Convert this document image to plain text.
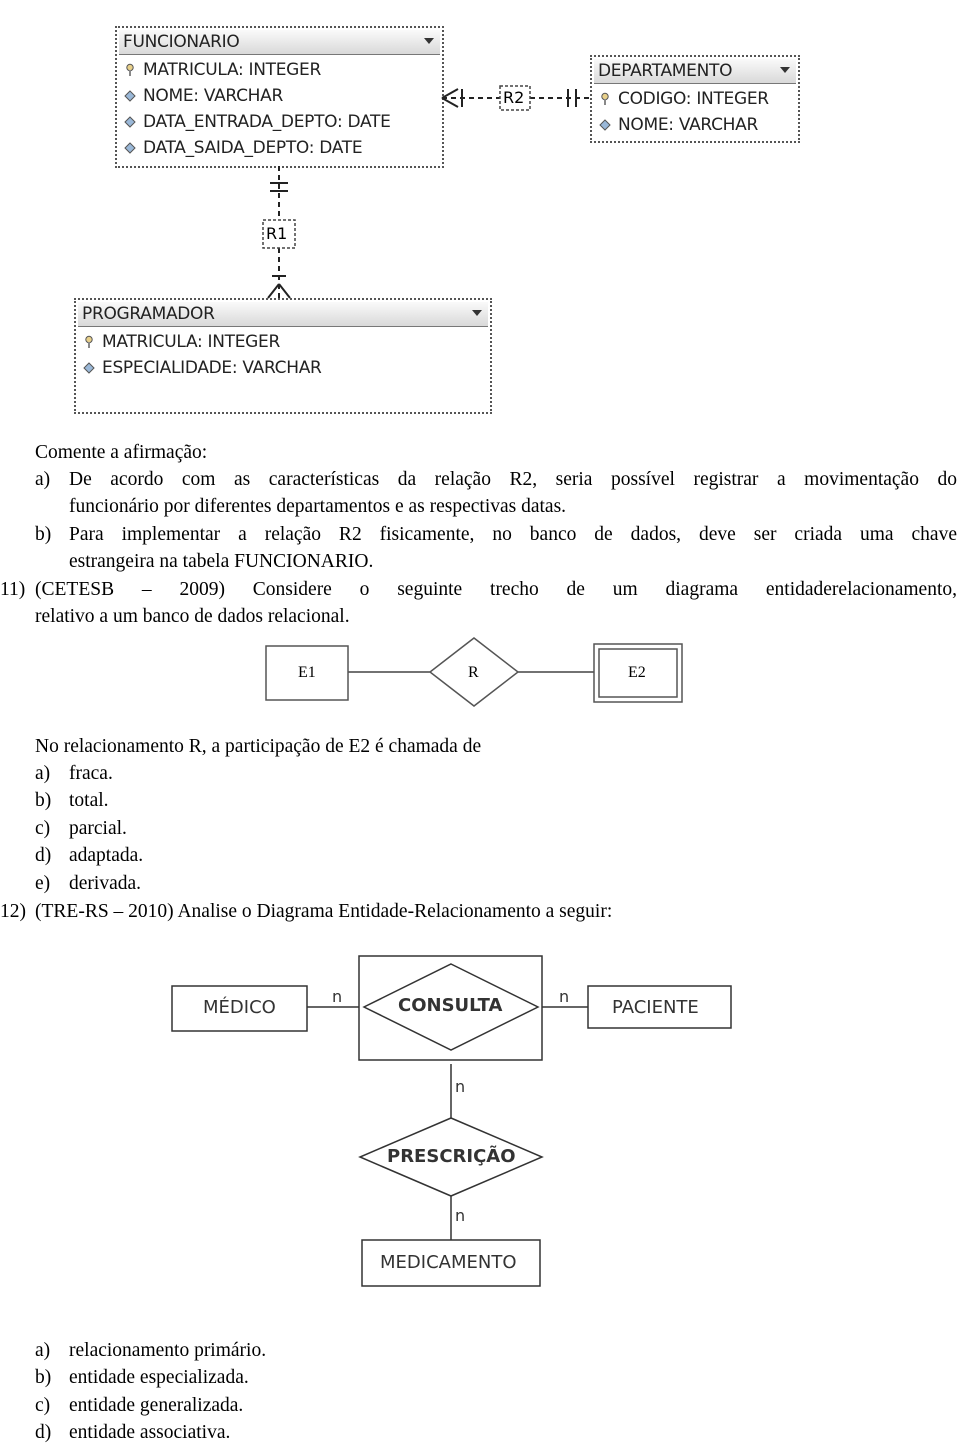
FUNCIONARIO
MATRICULA: INTEGER
NOME: VARCHAR
DATA_ENTRADA_DEPTO: DATE
DATA_SAIDA_DEPTO: DATE
DEPARTAMENTO
CODIGO: INTEGER
NOME: VARCHAR
PROGRAMADOR
MATRICULA: INTEGER
ESPECIALIDADE: VARCHAR
R2
R1
Comente a afirmação:
a) De acordo com as características da relação R2, seria possível registrar a movimentação do
funcionário por diferentes departamentos e as respectivas datas.
b) Para implementar a relação R2 fisicamente, no banco de dados, deve ser criada uma chave
estrangeira na tabela FUNCIONARIO.
11) (CETESB – 2009) Considere o seguinte trecho de um diagrama entidaderelacionamento,
relativo a um banco de dados relacional.
E1	R	E2
No relacionamento R, a participação de E2 é chamada de
a) fraca.
b) total.
c) parcial.
d) adaptada.
e) derivada.
12) (TRE-RS – 2010) Analise o Diagrama Entidade-Relacionamento a seguir:
MÉDICO	CONSULTA	PACIENTE
PRESCRIÇÃO
MEDICAMENTO
n	n
n
n
a) relacionamento primário.
b) entidade especializada.
c) entidade generalizada.
d) entidade associativa.
